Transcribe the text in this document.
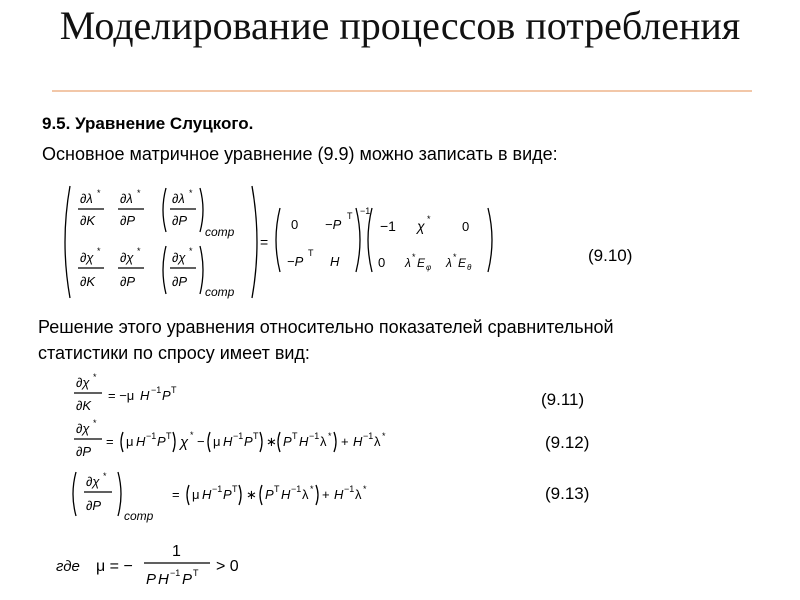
Моделирование процессов потребления
9.5. Уравнение Слуцкого.
Основное матричное уравнение (9.9) можно записать в виде:
(9.10)
Решение этого уравнения относительно показателей сравнительной
статистики по спросу имеет вид:
(9.11)
(9.12)
(9.13)
∂λ *
∂K
∂λ *
∂P
∂λ *
∂P
comp
∂χ *
∂K
∂χ *
∂P
∂χ *
∂P
comp
=
0 −P
T
−P
T
H
−1
−1 χ * 0
0 λ * E φ λ * E θ
∂χ *
∂K
= −μ H −1 P T
∂χ *
∂P
= μ H −1 P T χ * − μ H −1 P T ∗ P T H −1 λ * + H −1 λ *
∂χ *
∂P
comp
= μ H −1 P T ∗ P T H −1 λ * + H −1 λ *
где μ = −
1
P H −1 P T > 0
